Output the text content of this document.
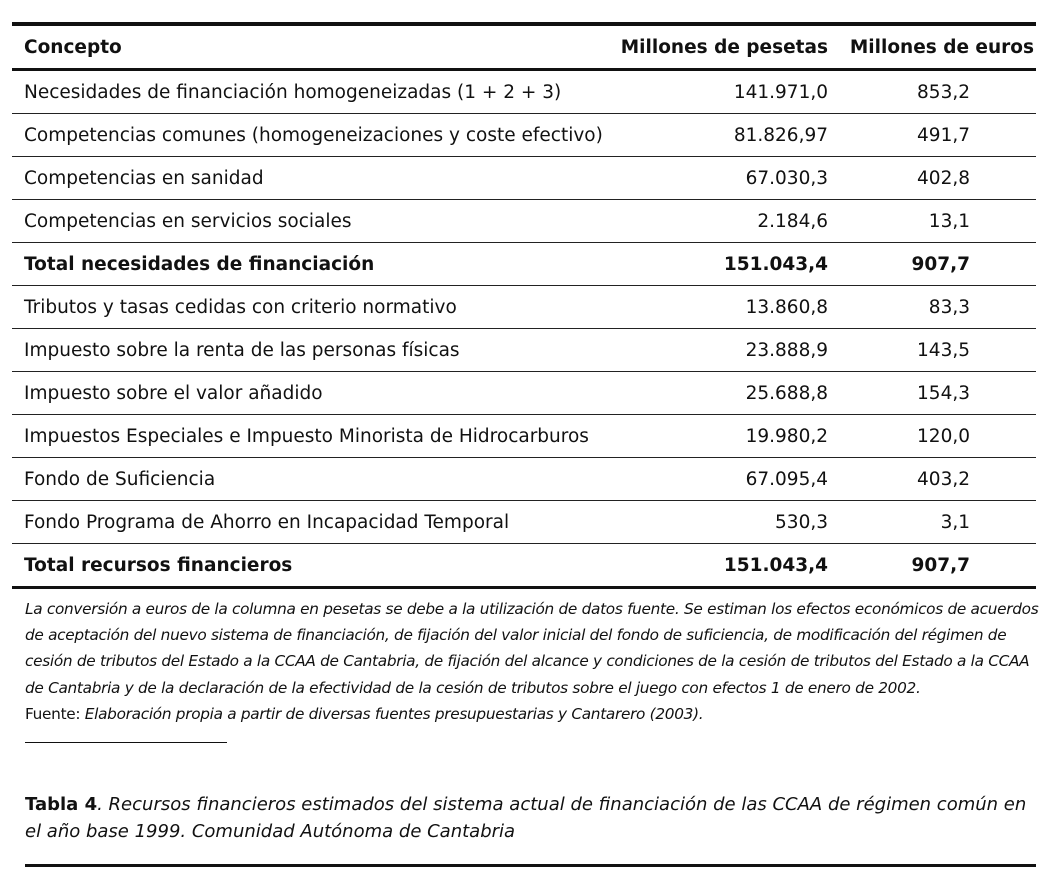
Concepto	Millones de pesetas	Millones de euros
Necesidades de financiación homogeneizadas (1 + 2 + 3)	141.971,0	853,2
Competencias comunes (homogeneizaciones y coste efectivo)	81.826,97	491,7
Competencias en sanidad	67.030,3	402,8
Competencias en servicios sociales	2.184,6	13,1
Total necesidades de financiación	151.043,4	907,7
Tributos y tasas cedidas con criterio normativo	13.860,8	83,3
Impuesto sobre la renta de las personas físicas	23.888,9	143,5
Impuesto sobre el valor añadido	25.688,8	154,3
Impuestos Especiales e Impuesto Minorista de Hidrocarburos	19.980,2	120,0
Fondo de Suficiencia	67.095,4	403,2
Fondo Programa de Ahorro en Incapacidad Temporal	530,3	3,1
Total recursos financieros	151.043,4	907,7
La conversión a euros de la columna en pesetas se debe a la utilización de datos fuente. Se estiman los efectos económicos de acuerdos de aceptación del nuevo sistema de financiación, de fijación del valor inicial del fondo de suficiencia, de modificación del régimen de cesión de tributos del Estado a la CCAA de Cantabria, de fijación del alcance y condiciones de la cesión de tributos del Estado a la CCAA de Cantabria y de la declaración de la efectividad de la cesión de tributos sobre el juego con efectos 1 de enero de 2002.
Fuente: Elaboración propia a partir de diversas fuentes presupuestarias y Cantarero (2003).
Tabla 4. Recursos financieros estimados del sistema actual de financiación de las CCAA de régimen común en el año base 1999. Comunidad Autónoma de Cantabria
